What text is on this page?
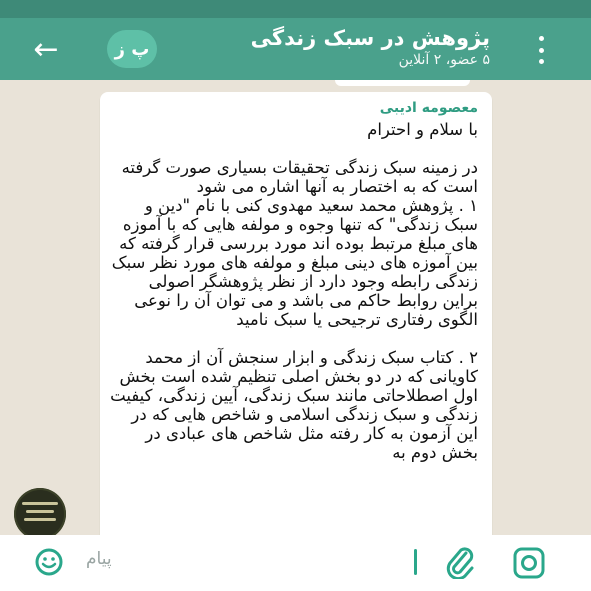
←	پ ز	پژوهش در سبک زندگی
۵ عضو، ۲ آنلاین
معصومه ادیبی

با سلام و احترام

در زمینه سبک زندگی تحقیقات بسیاری صورت گرفته است که به اختصار به آنها اشاره می شود
۱ . پژوهش محمد سعید مهدوی کنی با نام "دین و سبک زندگی" که تنها وجوه و مولفه هایی که با آموزه های مبلغ مرتبط بوده اند مورد بررسی قرار گرفته که بین آموزه های دینی مبلغ و مولفه های مورد نظر سبک زندگی رابطه وجود دارد از نظر پژوهشگر اصولی براین روابط حاکم می باشد و می توان آن را نوعی الگوی رفتاری ترجیحی یا سبک نامید

۲ . کتاب سبک زندگی و ابزار سنجش آن از محمد کاویانی که در دو بخش اصلی تنظیم شده است بخش اول اصطلاحاتی مانند سبک زندگی، آیین زندگی، کیفیت زندگی و سبک زندگی اسلامی و شاخص هایی که در این آزمون به کار رفته مثل شاخص های عبادی در بخش دوم به

پیام
